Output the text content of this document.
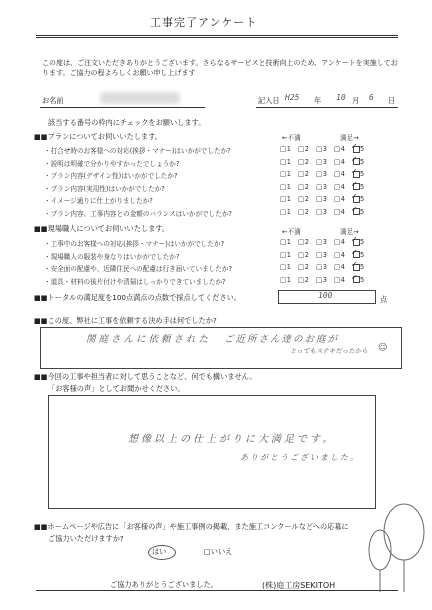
工事完了アンケート
この度は、ご注文いただきありがとうございます。さらなるサービスと技術向上のため、アンケートを実施しております。ご協力の程よろしくお願い申し上げます
お名前	記入日 H25 年 10 月 6 日
該当する番号の枠内にチェックをお願いします。
■■プランについてお伺いいたします。	←不満	満足→
・打合せ時のお客様への対応(挨拶・マナー)はいかがでしたか?	□1 □2 □3 □4 ✓ 5
・説明は明確で分かりやすかったでしょうか?	□1 □2 □3 □4 ✓ 5
・プラン内容(デザイン性)はいかがでしたか?	□1 □2 □3 □4 ✓ 5
・プラン内容(実用性)はいかがでしたか?	□1 □2 □3 □4 ✓ 5
・イメージ通りに仕上がりましたか?	□1 □2 □3 □4 ✓ 5
・プラン内容、工事内容との金額のバランスはいかがでしたか?	□1 □2 □3 □4 ✓ 5
■■現場職人についてお伺いいたします。	←不満	満足→
・工事中のお客様への対応(挨拶・マナー)はいかがでしたか?	□1 □2 □3 □4 ✓ 5
・現場職人の服装や身なりはいかがでしたか?	□1 □2 □3 □4 ✓ 5
・安全面の配慮や、近隣住民への配慮は行き届いていましたか?	□1 □2 □3 □4 ✓ 5
・道具・材料の後片付けや清掃はしっかりできていましたか?	□1 □2 □3 □4 ✓ 5
■■トータルの満足度を100点満点の点数で採点してください。	100	点
■■この度、弊社に工事を依頼する決め手は何でしたか?
関庭さんに依頼された ご近所さん達のお庭が
とってもステキだったから ☺
■■今回の工事や担当者に対して思うことなど、何でも構いません。
「お客様の声」としてお聞かせください。
想像以上の仕上がりに大満足です。
ありがとうございました。
■■ホームページや広告に「お客様の声」や施工事例の掲載、また施工コンクールなどへの応募に
ご協力いただけますか?
はい	□いいえ
ご協力ありがとうございました。	(株)庭工房SEKITOH
